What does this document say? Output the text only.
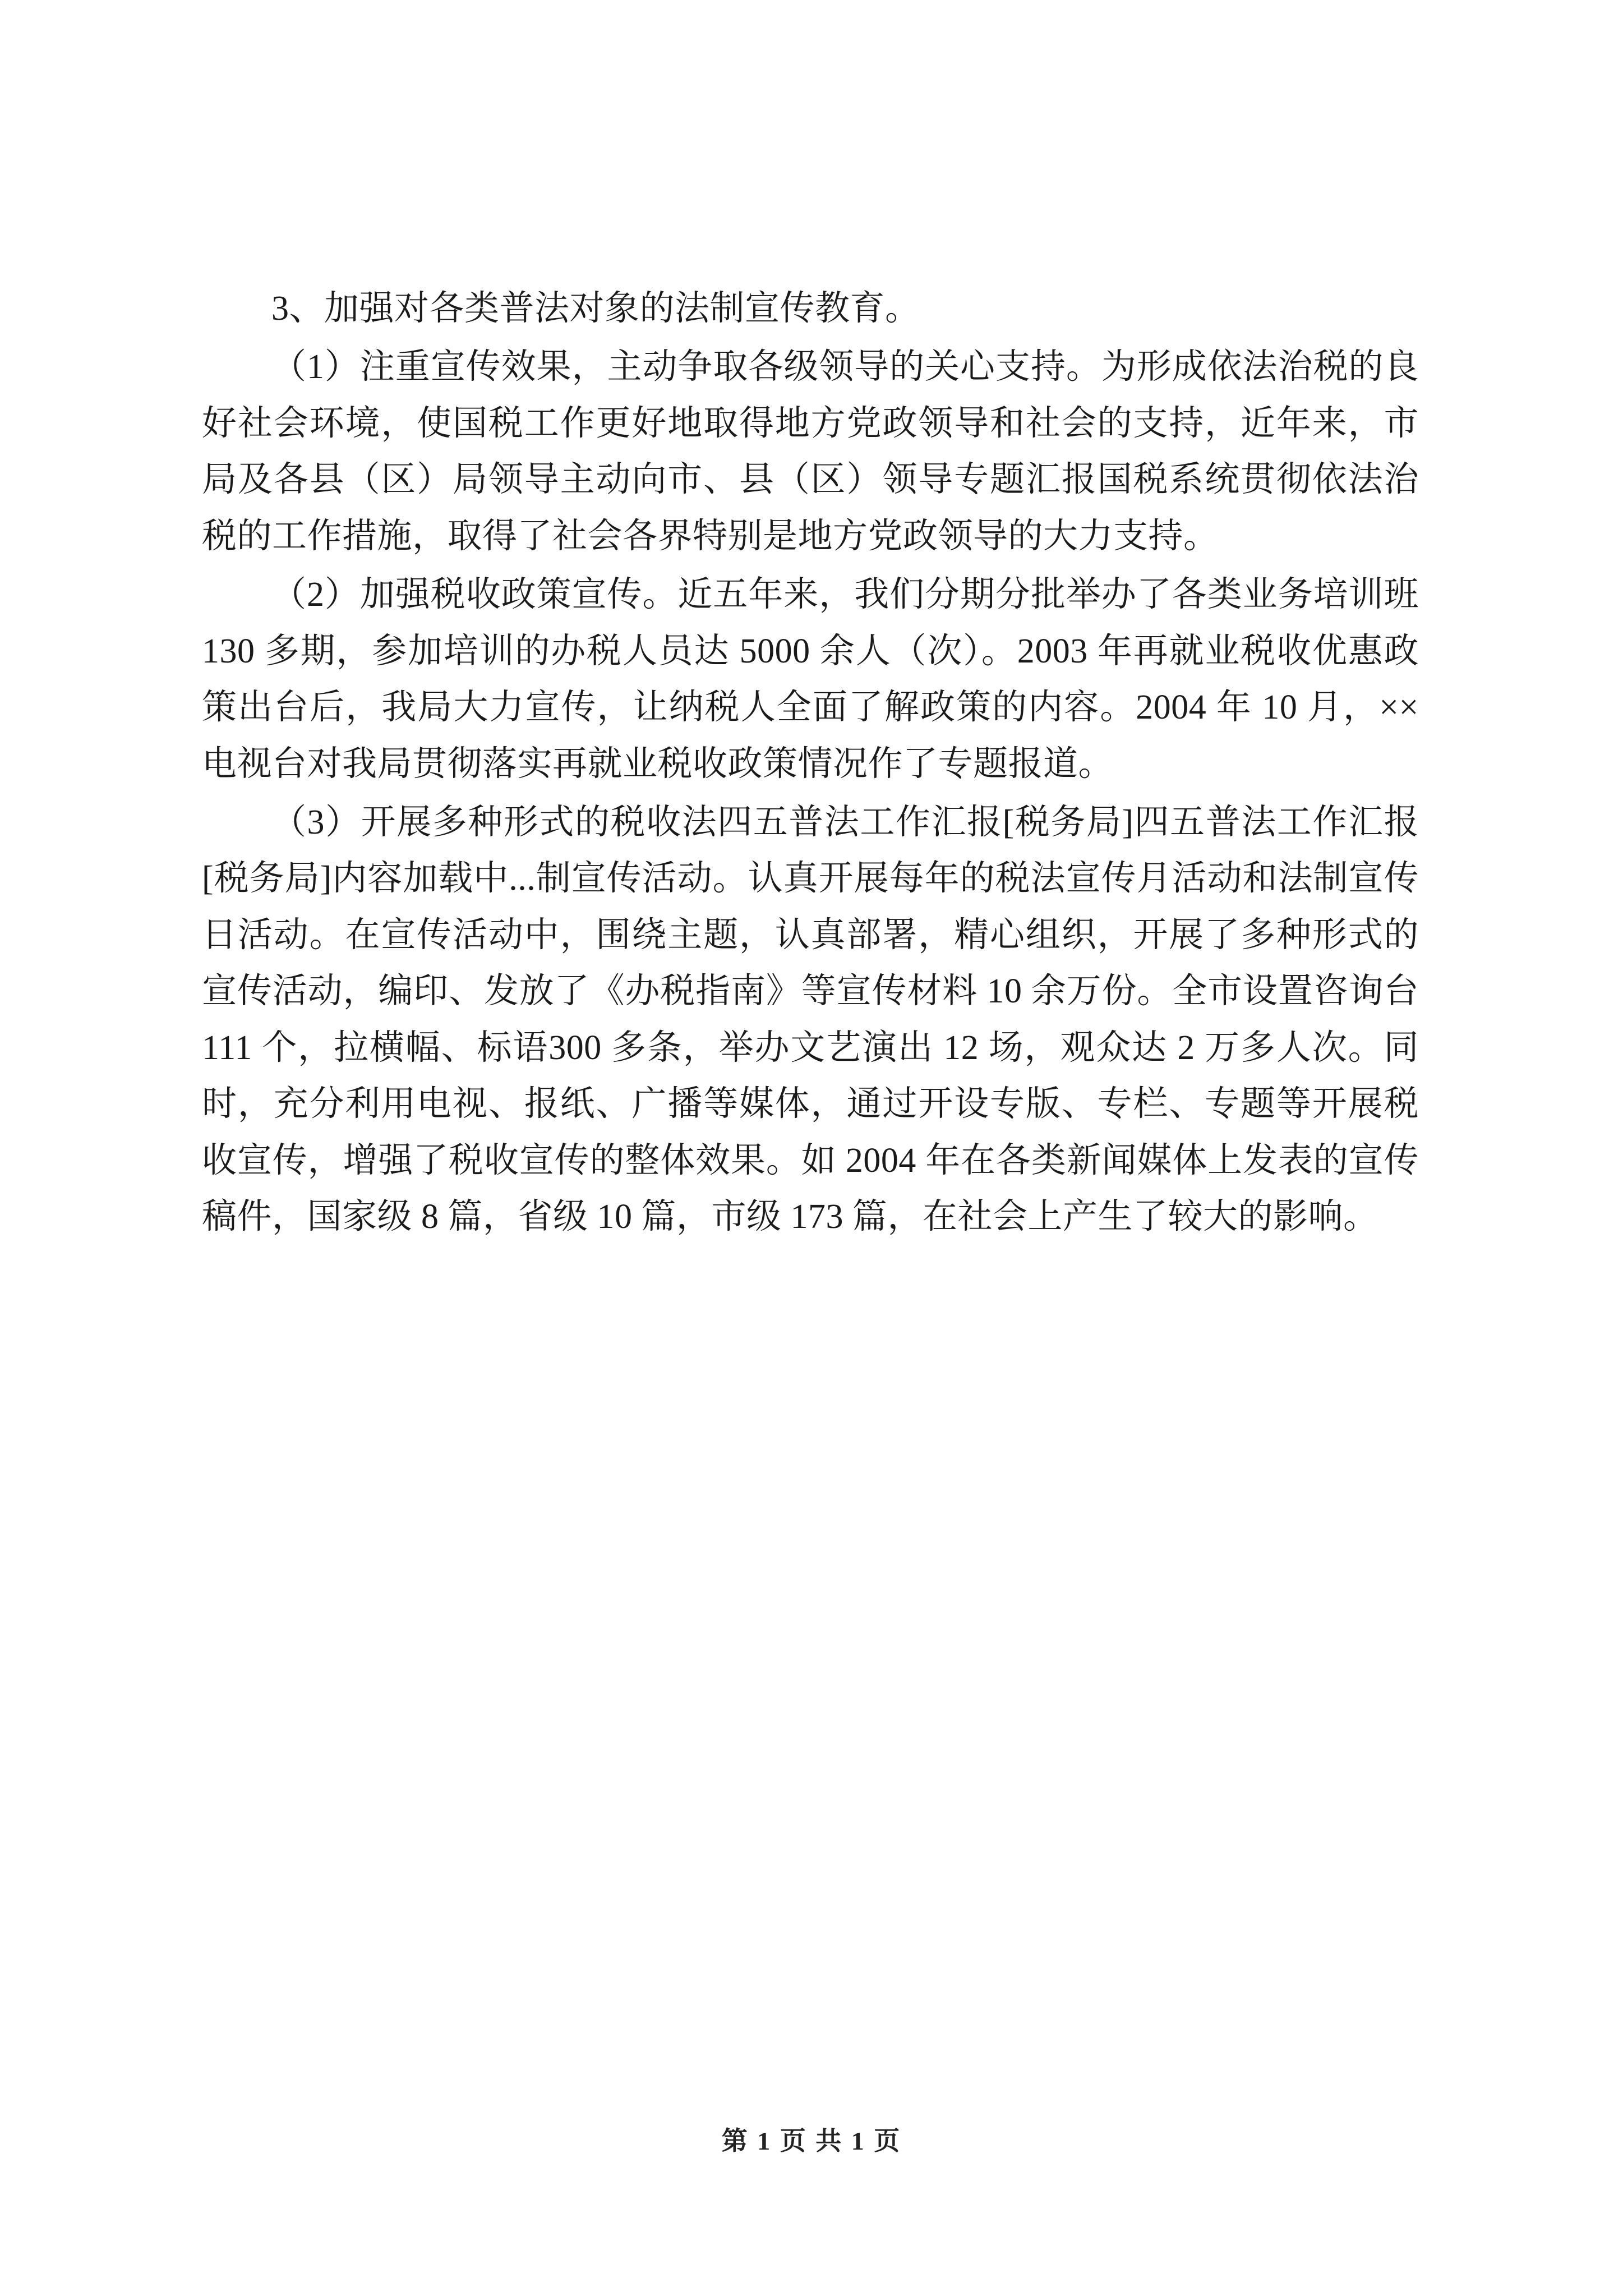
3、加强对各类普法对象的法制宣传教育。

（1）注重宣传效果，主动争取各级领导的关心支持。为形成依法治税的良好社会环境，使国税工作更好地取得地方党政领导和社会的支持，近年来，市局及各县（区）局领导主动向市、县（区）领导专题汇报国税系统贯彻依法治税的工作措施，取得了社会各界特别是地方党政领导的大力支持。

（2）加强税收政策宣传。近五年来，我们分期分批举办了各类业务培训班 130 多期，参加培训的办税人员达 5000 余人（次）。2003 年再就业税收优惠政策出台后，我局大力宣传，让纳税人全面了解政策的内容。2004 年 10 月，××电视台对我局贯彻落实再就业税收政策情况作了专题报道。

（3）开展多种形式的税收法四五普法工作汇报[税务局]四五普法工作汇报[税务局]内容加载中...制宣传活动。认真开展每年的税法宣传月活动和法制宣传日活动。在宣传活动中，围绕主题，认真部署，精心组织，开展了多种形式的宣传活动，编印、发放了《办税指南》等宣传材料 10 余万份。全市设置咨询台 111 个，拉横幅、标语300 多条，举办文艺演出 12 场，观众达 2 万多人次。同时，充分利用电视、报纸、广播等媒体，通过开设专版、专栏、专题等开展税收宣传，增强了税收宣传的整体效果。如 2004 年在各类新闻媒体上发表的宣传稿件，国家级 8 篇，省级 10 篇，市级 173 篇，在社会上产生了较大的影响。

第 1 页 共 1 页
